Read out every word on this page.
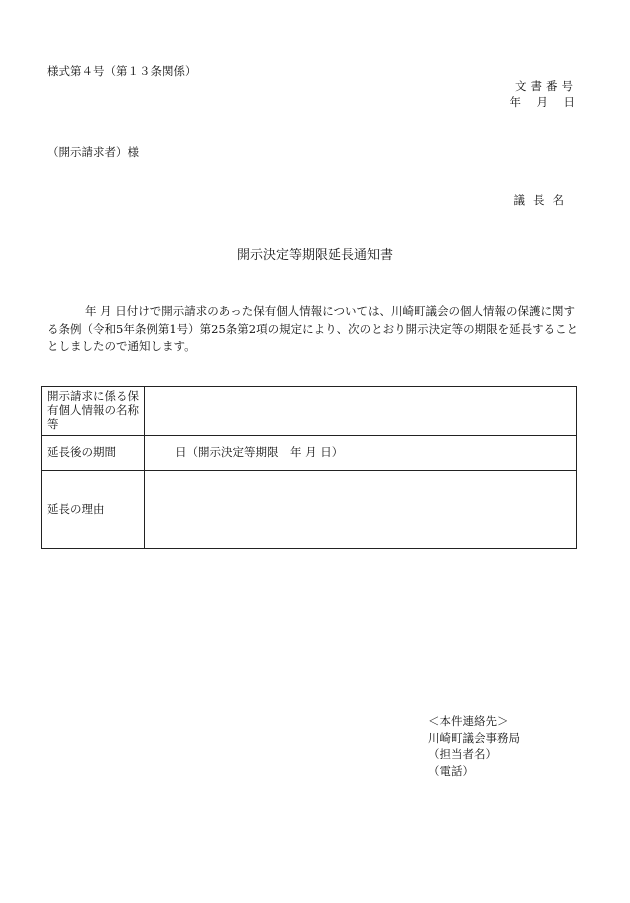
様式第４号（第１３条関係）
文書番号
年　月　日
（開示請求者）様
議長名
開示決定等期限延長通知書
年 月 日付けで開示請求のあった保有個人情報については、川崎町議会の個人情報の保護に関する条例（令和5年条例第1号）第25条第2項の規定により、次のとおり開示決定等の期限を延長することとしましたので通知します。
開示請求に係る保有個人情報の名称等	
延長後の期間	日（開示決定等期限　年 月 日）
延長の理由	
＜本件連絡先＞
川崎町議会事務局
（担当者名）
（電話）
